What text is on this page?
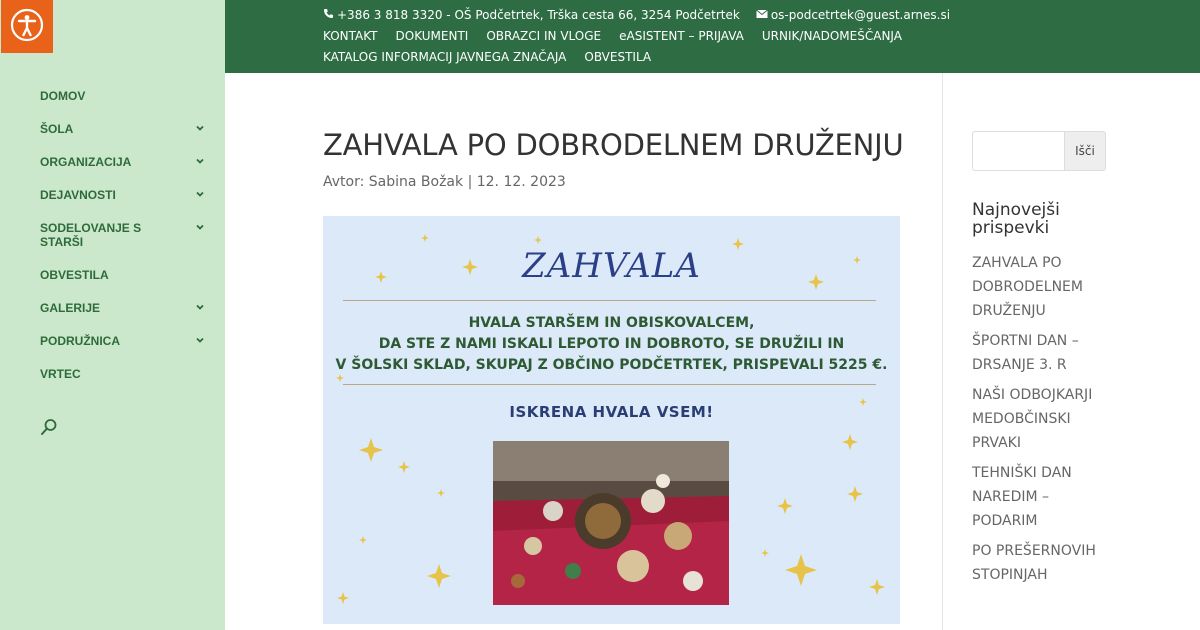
DOMOV
ŠOLA
ORGANIZACIJA
DEJAVNOSTI
SODELOVANJE S STARŠI
OBVESTILA
GALERIJE
PODRUŽNICA
VRTEC
+386 3 818 3320 - OŠ Podčetrtek, Trška cesta 66, 3254 Podčetrtek	os-podcetrtek@guest.arnes.si
KONTAKT DOKUMENTI OBRAZCI IN VLOGE eASISTENT – PRIJAVA URNIK/NADOMEŠČANJA
KATALOG INFORMACIJ JAVNEGA ZNAČAJA OBVESTILA
ZAHVALA PO DOBRODELNEM DRUŽENJU
Avtor: Sabina Božak | 12. 12. 2023
ZAHVALA
HVALA STARŠEM IN OBISKOVALCEM,
DA STE Z NAMI ISKALI LEPOTO IN DOBROTO, SE DRUŽILI IN
V ŠOLSKI SKLAD, SKUPAJ Z OBČINO PODČETRTEK, PRISPEVALI 5225 €.
ISKRENA HVALA VSEM!
Išči
Najnovejši prispevki
ZAHVALA PO DOBRODELNEM DRUŽENJU
ŠPORTNI DAN – DRSANJE 3. R
NAŠI ODBOJKARJI MEDOBČINSKI PRVAKI
TEHNIŠKI DAN NAREDIM – PODARIM
PO PREŠERNOVIH STOPINJAH
